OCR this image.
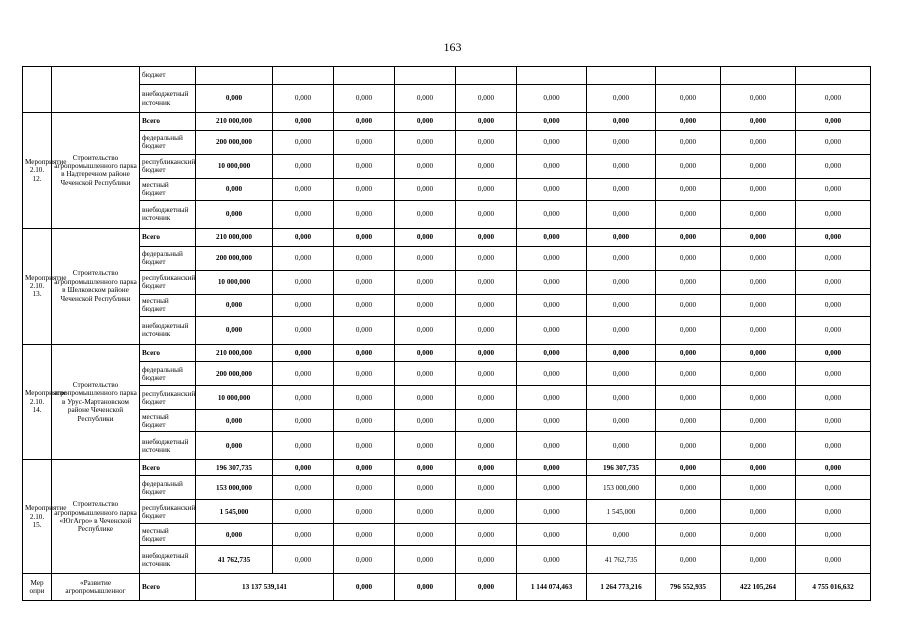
163
		бюджет											
		внебюджетный источник	0,000	0,000	0,000	0,000	0,000	0,000	0,000	0,000	0,000	0,000	
Мероприятие 2.10. 12.	Строительство агропромышленного парка в Надтеречном районе Чеченской Республики	Всего	210 000,000	0,000	0,000	0,000	0,000	0,000	0,000	0,000	0,000	0,000	
		федеральный бюджет	200 000,000	0,000	0,000	0,000	0,000	0,000	0,000	0,000	0,000	0,000	
		республиканский бюджет	10 000,000	0,000	0,000	0,000	0,000	0,000	0,000	0,000	0,000	0,000	
		местный бюджет	0,000	0,000	0,000	0,000	0,000	0,000	0,000	0,000	0,000	0,000	
		внебюджетный источник	0,000	0,000	0,000	0,000	0,000	0,000	0,000	0,000	0,000	0,000	
Мероприятие 2.10. 13.	Строительство агропромышленного парка в Шелковском районе Чеченской Республики	Всего	210 000,000	0,000	0,000	0,000	0,000	0,000	0,000	0,000	0,000	0,000	
		федеральный бюджет	200 000,000	0,000	0,000	0,000	0,000	0,000	0,000	0,000	0,000	0,000	
		республиканский бюджет	10 000,000	0,000	0,000	0,000	0,000	0,000	0,000	0,000	0,000	0,000	
		местный бюджет	0,000	0,000	0,000	0,000	0,000	0,000	0,000	0,000	0,000	0,000	
		внебюджетный источник	0,000	0,000	0,000	0,000	0,000	0,000	0,000	0,000	0,000	0,000	
Мероприятие 2.10. 14.	Строительство агропромышленного парка в Урус-Мартановском районе Чеченской Республики	Всего	210 000,000	0,000	0,000	0,000	0,000	0,000	0,000	0,000	0,000	0,000	
		федеральный бюджет	200 000,000	0,000	0,000	0,000	0,000	0,000	0,000	0,000	0,000	0,000	
		республиканский бюджет	10 000,000	0,000	0,000	0,000	0,000	0,000	0,000	0,000	0,000	0,000	
		местный бюджет	0,000	0,000	0,000	0,000	0,000	0,000	0,000	0,000	0,000	0,000	
		внебюджетный источник	0,000	0,000	0,000	0,000	0,000	0,000	0,000	0,000	0,000	0,000	
Мероприятие 2.10. 15.	Строительство агропромышленного парка «ЮгАгро» в Чеченской Республике	Всего	196 307,735	0,000	0,000	0,000	0,000	0,000	196 307,735	0,000	0,000	0,000	
		федеральный бюджет	153 000,000	0,000	0,000	0,000	0,000	0,000	153 000,000	0,000	0,000	0,000	
		республиканский бюджет	1 545,000	0,000	0,000	0,000	0,000	0,000	1 545,000	0,000	0,000	0,000	
		местный бюджет	0,000	0,000	0,000	0,000	0,000	0,000	0,000	0,000	0,000	0,000	
		внебюджетный источник	41 762,735	0,000	0,000	0,000	0,000	0,000	41 762,735	0,000	0,000	0,000	
Мер опри	«Развитие агропромышленног	Всего	13 137 539,141		0,000	0,000	0,000	1 144 074,463	1 264 773,216	796 552,935	422 105,264	4 755 016,632	
